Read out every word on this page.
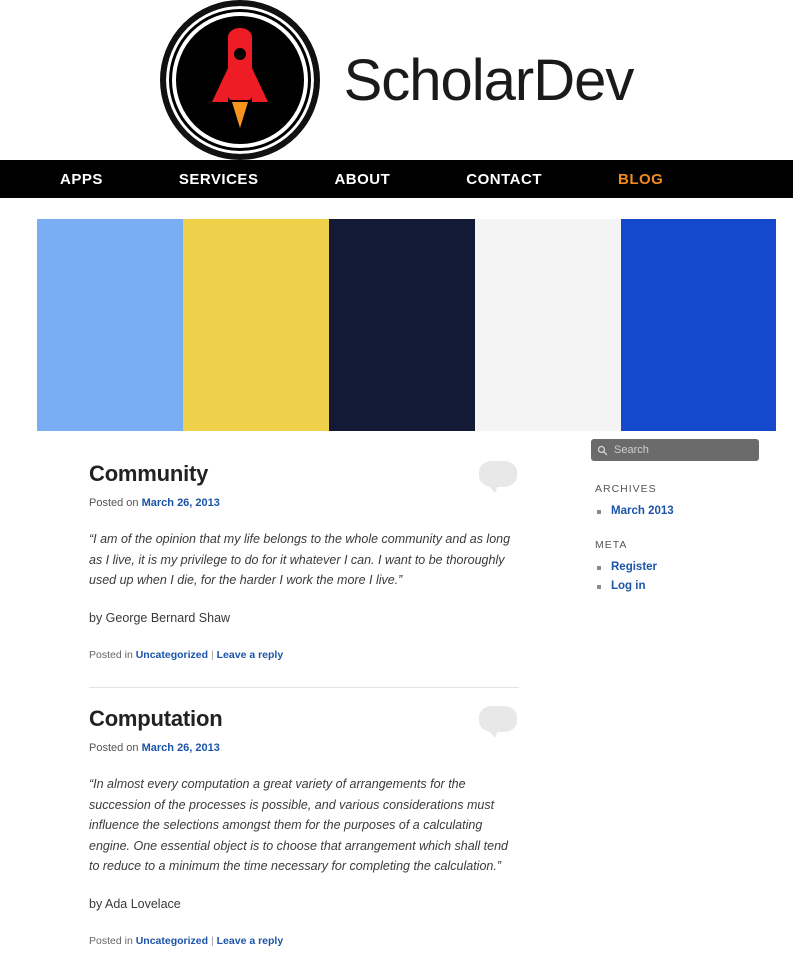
ScholarDev
APPS	SERVICES	ABOUT	CONTACT	BLOG
Community

Posted on March 26, 2013

“I am of the opinion that my life belongs to the whole community and as long as I live, it is my privilege to do for it whatever I can. I want to be thoroughly used up when I die, for the harder I work the more I live.”

by George Bernard Shaw

Posted in Uncategorized | Leave a reply
Computation

Posted on March 26, 2013

“In almost every computation a great variety of arrangements for the succession of the processes is possible, and various considerations must influence the selections amongst them for the purposes of a calculating engine. One essential object is to choose that arrangement which shall tend to reduce to a minimum the time necessary for completing the calculation.”

by Ada Lovelace

Posted in Uncategorized | Leave a reply
Search
ARCHIVES
March 2013
META
Register
Log in
